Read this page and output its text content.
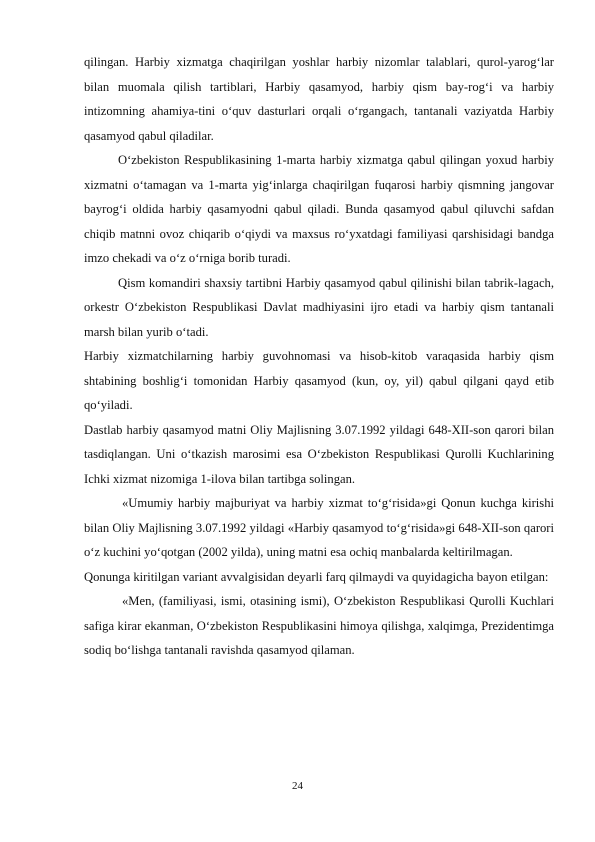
qilingan. Harbiy xizmatga chaqirilgan yoshlar harbiy nizomlar talablari, qurol-yarog‘lar bilan muomala qilish tartiblari, Harbiy qasamyod, harbiy qism bay-rog‘i va harbiy intizomning ahamiya-tini o‘quv dasturlari orqali o‘rgangach, tantanali vaziyatda Harbiy qasamyod qabul qiladilar.

O‘zbekiston Respublikasining 1-marta harbiy xizmatga qabul qilingan yoxud harbiy xizmatni o‘tamagan va 1-marta yig‘inlarga chaqirilgan fuqarosi harbiy qismning jangovar bayrog‘i oldida harbiy qasamyodni qabul qiladi. Bunda qasamyod qabul qiluvchi safdan chiqib matnni ovoz chiqarib o‘qiydi va maxsus ro‘yxatdagi familiyasi qarshisidagi bandga imzo chekadi va o‘z o‘rniga borib turadi.

Qism komandiri shaxsiy tartibni Harbiy qasamyod qabul qilinishi bilan tabrik-lagach, orkestr O‘zbekiston Respublikasi Davlat madhiyasini ijro etadi va harbiy qism tantanali marsh bilan yurib o‘tadi.

Harbiy xizmatchilarning harbiy guvohnomasi va hisob-kitob varaqasida harbiy qism shtabining boshlig‘i tomonidan Harbiy qasamyod (kun, oy, yil) qabul qilgani qayd etib qo‘yiladi.

Dastlab harbiy qasamyod matni Oliy Majlisning 3.07.1992 yildagi 648-XII-son qarori bilan tasdiqlangan. Uni o‘tkazish marosimi esa O‘zbekiston Respublikasi Qurolli Kuchlarining Ichki xizmat nizomiga 1-ilova bilan tartibga solingan.

«Umumiy harbiy majburiyat va harbiy xizmat to‘g‘risida»gi Qonun kuchga kirishi bilan Oliy Majlisning 3.07.1992 yildagi «Harbiy qasamyod to‘g‘risida»gi 648-XII-son qarori o‘z kuchini yo‘qotgan (2002 yilda), uning matni esa ochiq manbalarda keltirilmagan.

Qonunga kiritilgan variant avvalgisidan deyarli farq qilmaydi va quyidagicha bayon etilgan:

«Men, (familiyasi, ismi, otasining ismi), O‘zbekiston Respublikasi Qurolli Kuchlari safiga kirar ekanman, O‘zbekiston Respublikasini himoya qilishga, xalqimga, Prezidentimga sodiq bo‘lishga tantanali ravishda qasamyod qilaman.

24
